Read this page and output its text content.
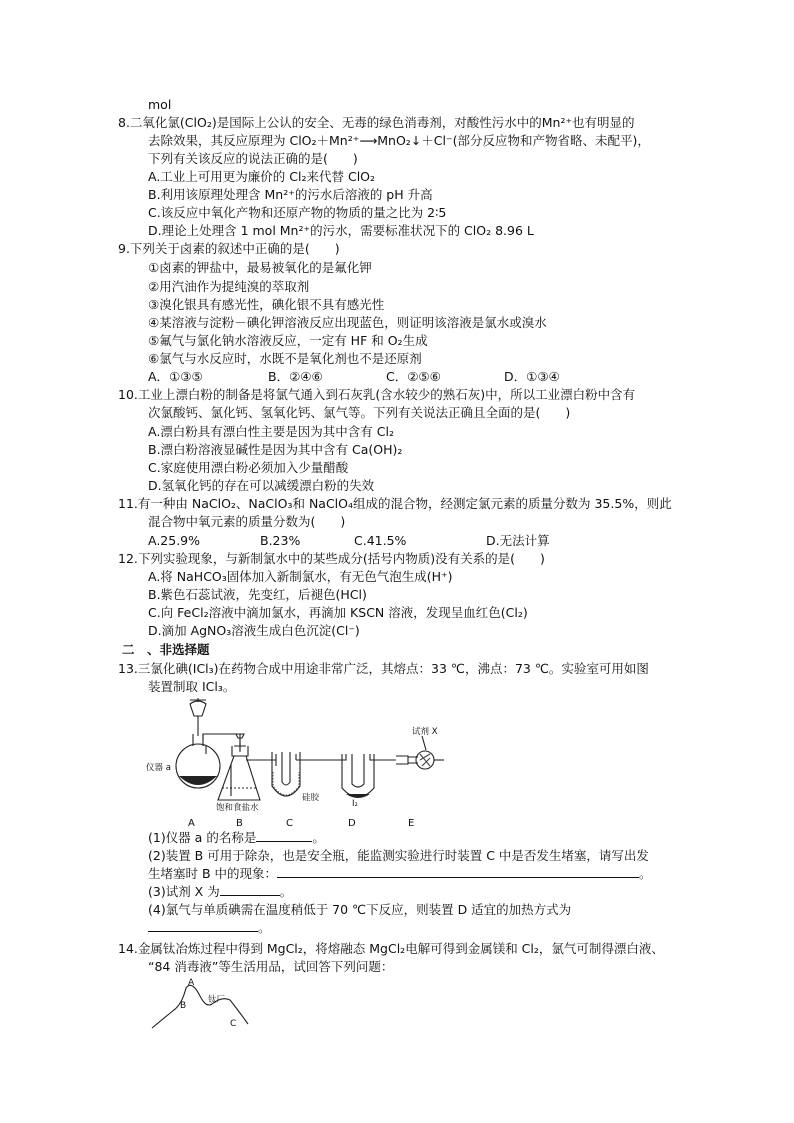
mol
8.二氧化氯(ClO₂)是国际上公认的安全、无毒的绿色消毒剂，对酸性污水中的Mn²⁺也有明显的
去除效果，其反应原理为 ClO₂＋Mn²⁺⟶MnO₂↓＋Cl⁻(部分反应物和产物省略、未配平)，
下列有关该反应的说法正确的是(　　)
A.工业上可用更为廉价的 Cl₂来代替 ClO₂
B.利用该原理处理含 Mn²⁺的污水后溶液的 pH 升高
C.该反应中氧化产物和还原产物的物质的量之比为 2∶5
D.理论上处理含 1 mol Mn²⁺的污水，需要标准状况下的 ClO₂ 8.96 L
9.下列关于卤素的叙述中正确的是(　　)
①卤素的钾盐中，最易被氧化的是氟化钾
②用汽油作为提纯溴的萃取剂
③溴化银具有感光性，碘化银不具有感光性
④某溶液与淀粉－碘化钾溶液反应出现蓝色，则证明该溶液是氯水或溴水
⑤氟气与氯化钠水溶液反应，一定有 HF 和 O₂生成
⑥氯气与水反应时，水既不是氧化剂也不是还原剂
A．①③⑤	B．②④⑥	C．②⑤⑥	D．①③④
10.工业上漂白粉的制备是将氯气通入到石灰乳(含水较少的熟石灰)中，所以工业漂白粉中含有
次氯酸钙、氯化钙、氢氧化钙、氯气等。下列有关说法正确且全面的是(　　)
A.漂白粉具有漂白性主要是因为其中含有 Cl₂
B.漂白粉溶液显碱性是因为其中含有 Ca(OH)₂
C.家庭使用漂白粉必须加入少量醋酸
D.氢氧化钙的存在可以减缓漂白粉的失效
11.有一种由 NaClO₂、NaClO₃和 NaClO₄组成的混合物，经测定氯元素的质量分数为 35.5%，则此
混合物中氧元素的质量分数为(　　)
A.25.9%	B.23%	C.41.5%	D.无法计算
12.下列实验现象，与新制氯水中的某些成分(括号内物质)没有关系的是(　　)
A.将 NaHCO₃固体加入新制氯水，有无色气泡生成(H⁺)
B.紫色石蕊试液，先变红，后褪色(HCl)
C.向 FeCl₂溶液中滴加氯水，再滴加 KSCN 溶液，发现呈血红色(Cl₂)
D.滴加 AgNO₃溶液生成白色沉淀(Cl⁻)
二　、非选择题
13.三氯化碘(ICl₃)在药物合成中用途非常广泛，其熔点：33 ℃，沸点：73 ℃。实验室可用如图
装置制取 ICl₃。
仪器 a
饱和食盐水
硅胶
I₂
试剂 X
A	B	C	D	E
(1)仪器 a 的名称是	。
(2)装置 B 可用于除杂，也是安全瓶，能监测实验进行时装置 C 中是否发生堵塞，请写出发
生堵塞时 B 中的现象：	。
(3)试剂 X 为	。
(4)氯气与单质碘需在温度稍低于 70 ℃下反应，则装置 D 适宜的加热方式为
。
14.金属钛冶炼过程中得到 MgCl₂，将熔融态 MgCl₂电解可得到金属镁和 Cl₂，氯气可制得漂白液、
“84 消毒液”等生活用品，试回答下列问题：
A
B
钛厂
C
